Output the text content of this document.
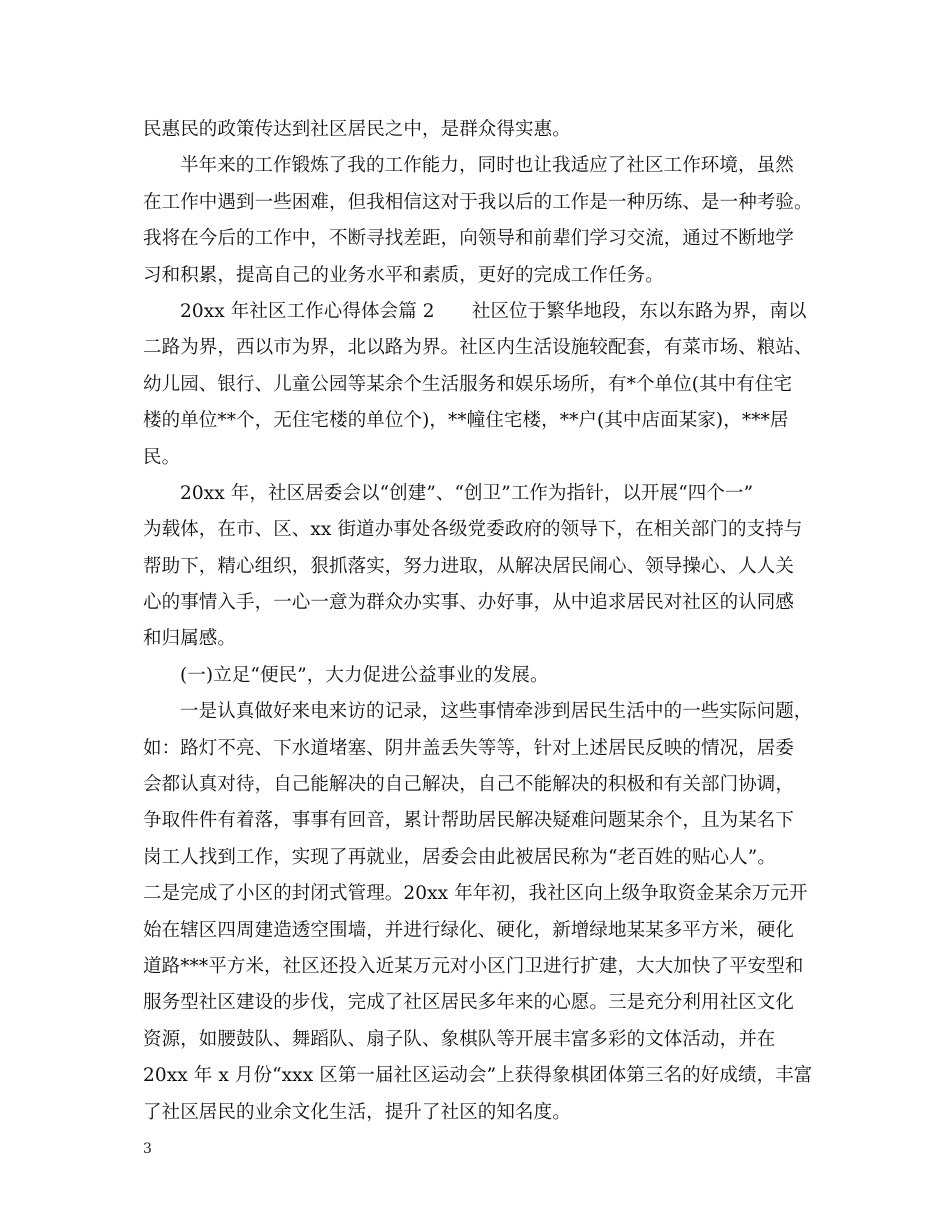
民惠民的政策传达到社区居民之中，是群众得实惠。
半年来的工作锻炼了我的工作能力，同时也让我适应了社区工作环境，虽然
在工作中遇到一些困难，但我相信这对于我以后的工作是一种历练、是一种考验。
我将在今后的工作中，不断寻找差距，向领导和前辈们学习交流，通过不断地学
习和积累，提高自己的业务水平和素质，更好的完成工作任务。
20xx 年社区工作心得体会篇 2　　社区位于繁华地段，东以东路为界，南以
二路为界，西以市为界，北以路为界。社区内生活设施较配套，有菜市场、粮站、
幼儿园、银行、儿童公园等某余个生活服务和娱乐场所，有*个单位(其中有住宅
楼的单位**个，无住宅楼的单位个)，**幢住宅楼，**户(其中店面某家)，***居
民。
20xx 年，社区居委会以“创建”、“创卫”工作为指针，以开展“四个一”
为载体，在市、区、xx 街道办事处各级党委政府的领导下，在相关部门的支持与
帮助下，精心组织，狠抓落实，努力进取，从解决居民闹心、领导操心、人人关
心的事情入手，一心一意为群众办实事、办好事，从中追求居民对社区的认同感
和归属感。
(一)立足“便民”，大力促进公益事业的发展。
一是认真做好来电来访的记录，这些事情牵涉到居民生活中的一些实际问题，
如：路灯不亮、下水道堵塞、阴井盖丢失等等，针对上述居民反映的情况，居委
会都认真对待，自己能解决的自己解决，自己不能解决的积极和有关部门协调，
争取件件有着落，事事有回音，累计帮助居民解决疑难问题某余个，且为某名下
岗工人找到工作，实现了再就业，居委会由此被居民称为“老百姓的贴心人”。
二是完成了小区的封闭式管理。20xx 年年初，我社区向上级争取资金某余万元开
始在辖区四周建造透空围墙，并进行绿化、硬化，新增绿地某某多平方米，硬化
道路***平方米，社区还投入近某万元对小区门卫进行扩建，大大加快了平安型和
服务型社区建设的步伐，完成了社区居民多年来的心愿。三是充分利用社区文化
资源，如腰鼓队、舞蹈队、扇子队、象棋队等开展丰富多彩的文体活动，并在
20xx 年 x 月份“xxx 区第一届社区运动会”上获得象棋团体第三名的好成绩，丰富
了社区居民的业余文化生活，提升了社区的知名度。
3
